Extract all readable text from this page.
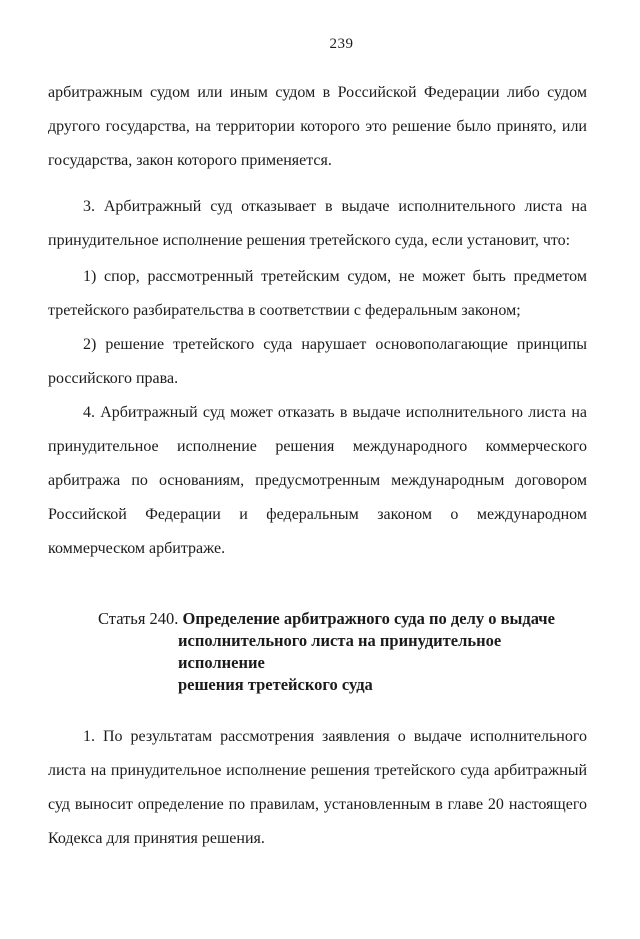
239
арбитражным судом или иным судом в Российской Федерации либо судом
другого государства, на территории которого это решение было принято, или
государства, закон которого применяется.
3. Арбитражный суд отказывает в выдаче исполнительного листа на
принудительное исполнение решения третейского суда, если установит, что:
1) спор, рассмотренный третейским судом, не может быть предметом
третейского разбирательства в соответствии с федеральным законом;
2) решение третейского суда нарушает основополагающие принципы
российского права.
4. Арбитражный суд может отказать в выдаче исполнительного листа на
принудительное исполнение решения международного коммерческого
арбитража по основаниям, предусмотренным международным договором
Российской Федерации и федеральным законом о международном
коммерческом арбитраже.
Статья 240. Определение арбитражного суда по делу о выдаче
исполнительного листа на принудительное исполнение
решения третейского суда
1. По результатам рассмотрения заявления о выдаче исполнительного
листа на принудительное исполнение решения третейского суда арбитражный
суд выносит определение по правилам, установленным в главе 20 настоящего
Кодекса для принятия решения.
